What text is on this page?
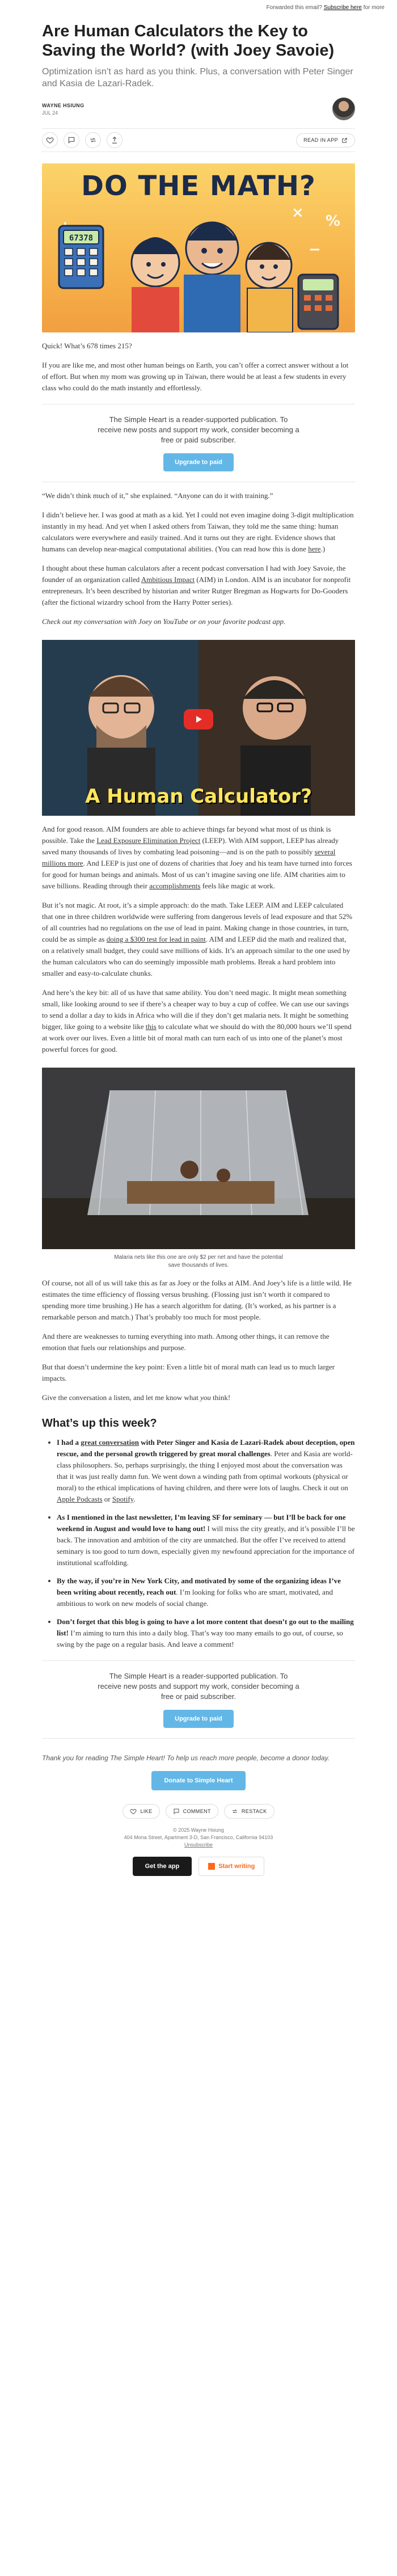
Forwarded this email? Subscribe here for more
Are Human Calculators the Key to Saving the World? (with Joey Savoie)
Optimization isn’t as hard as you think. Plus, a conversation with Peter Singer and Kasia de Lazari-Radek.
WAYNE HSIUNG
JUL 24
READ IN APP
DO THE MATH?
%
−
×
67378

Quick! What’s 678 times 215?

If you are like me, and most other human beings on Earth, you can’t offer a correct answer without a lot of effort. But when my mom was growing up in Taiwan, there would be at least a few students in every class who could do the math instantly and effortlessly.

The Simple Heart is a reader-supported publication. To receive new posts and support my work, consider becoming a free or paid subscriber.
Upgrade to paid

“We didn’t think much of it,” she explained. “Anyone can do it with training.”

I didn’t believe her. I was good at math as a kid. Yet I could not even imagine doing 3-digit multiplication instantly in my head. And yet when I asked others from Taiwan, they told me the same thing: human calculators were everywhere and easily trained. And it turns out they are right. Evidence shows that humans can develop near-magical computational abilities. (You can read how this is done here.)

I thought about these human calculators after a recent podcast conversation I had with Joey Savoie, the founder of an organization called Ambitious Impact (AIM) in London. AIM is an incubator for nonprofit entrepreneurs. It’s been described by historian and writer Rutger Bregman as Hogwarts for Do-Gooders (after the fictional wizardry school from the Harry Potter series).

Check out my conversation with Joey on YouTube or on your favorite podcast app.

A Human Calculator?

And for good reason. AIM founders are able to achieve things far beyond what most of us think is possible. Take the Lead Exposure Elimination Project (LEEP). With AIM support, LEEP has already saved many thousands of lives by combating lead poisoning—and is on the path to possibly several millions more. And LEEP is just one of dozens of charities that Joey and his team have turned into forces for good for human beings and animals. Most of us can’t imagine saving one life. AIM charities aim to save billions. Reading through their accomplishments feels like magic at work.

But it’s not magic. At root, it’s a simple approach: do the math. Take LEEP. AIM and LEEP calculated that one in three children worldwide were suffering from dangerous levels of lead exposure and that 52% of all countries had no regulations on the use of lead in paint. Making change in those countries, in turn, could be as simple as doing a $300 test for lead in paint. AIM and LEEP did the math and realized that, on a relatively small budget, they could save millions of kids. It’s an approach similar to the one used by the human calculators who can do seemingly impossible math problems. Break a hard problem into smaller and easy-to-calculate chunks.

And here’s the key bit: all of us have that same ability. You don’t need magic. It might mean something small, like looking around to see if there’s a cheaper way to buy a cup of coffee. We can use our savings to send a dollar a day to kids in Africa who will die if they don’t get malaria nets. It might be something bigger, like going to a website like this to calculate what we should do with the 80,000 hours we’ll spend at work over our lives. Even a little bit of moral math can turn each of us into one of the planet’s most powerful forces for good.

Malaria nets like this one are only $2 per net and have the potential save thousands of lives.

Of course, not all of us will take this as far as Joey or the folks at AIM. And Joey’s life is a little wild. He estimates the time efficiency of flossing versus brushing. (Flossing just isn’t worth it compared to spending more time brushing.) He has a search algorithm for dating. (It’s worked, as his partner is a remarkable person and match.) That’s probably too much for most people.

And there are weaknesses to turning everything into math. Among other things, it can remove the emotion that fuels our relationships and purpose.

But that doesn’t undermine the key point: Even a little bit of moral math can lead us to much larger impacts.

Give the conversation a listen, and let me know what you think!

What’s up this week?
• I had a great conversation with Peter Singer and Kasia de Lazari-Radek about deception, open rescue, and the personal growth triggered by great moral challenges. Peter and Kasia are world-class philosophers. So, perhaps surprisingly, the thing I enjoyed most about the conversation was that it was just really damn fun. We went down a winding path from optimal workouts (physical or moral) to the ethical implications of having children, and there were lots of laughs. Check it out on Apple Podcasts or Spotify.
• As I mentioned in the last newsletter, I’m leaving SF for seminary — but I’ll be back for one weekend in August and would love to hang out! I will miss the city greatly, and it’s possible I’ll be back. The innovation and ambition of the city are unmatched. But the offer I’ve received to attend seminary is too good to turn down, especially given my newfound appreciation for the importance of institutional scaffolding.
• By the way, if you’re in New York City, and motivated by some of the organizing ideas I’ve been writing about recently, reach out. I’m looking for folks who are smart, motivated, and ambitious to work on new models of social change.
• Don’t forget that this blog is going to have a lot more content that doesn’t go out to the mailing list! I’m aiming to turn this into a daily blog. That’s way too many emails to go out, of course, so swing by the page on a regular basis. And leave a comment!
The Simple Heart is a reader-supported publication. To receive new posts and support my work, consider becoming a free or paid subscriber.
Upgrade to paid
Thank you for reading The Simple Heart! To help us reach more people, become a donor today.
Donate to Simple Heart
LIKE	COMMENT	RESTACK
© 2025 Wayne Hsiung
404 Mona Street, Apartment 3-D, San Francisco, California 94103
Unsubscribe
Get the app	Start writing
